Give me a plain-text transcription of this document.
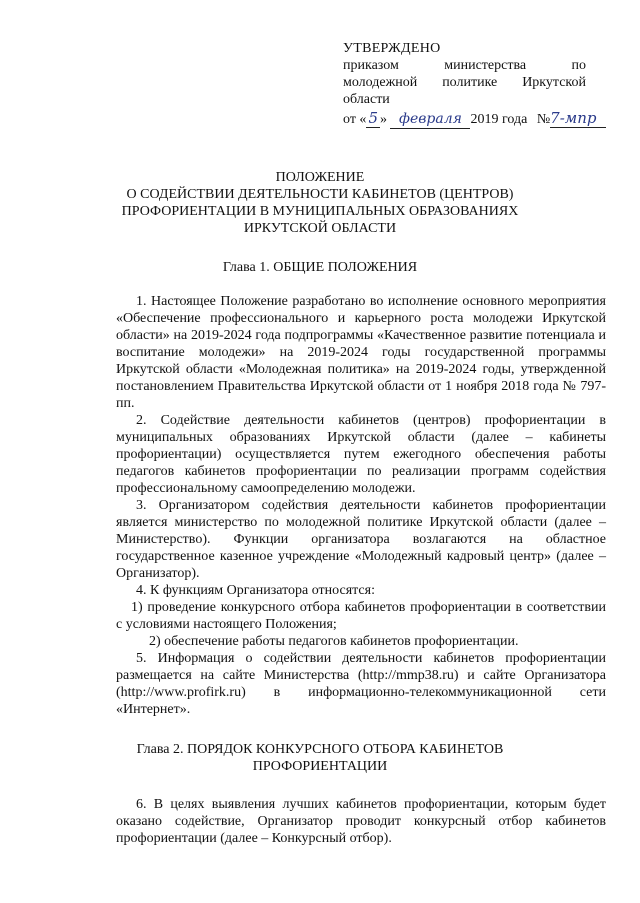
УТВЕРЖДЕНО
приказом	министерства	по
молодежной политике Иркутской
области
от « 5 » февраля 2019 года №7-мпр
ПОЛОЖЕНИЕ
О СОДЕЙСТВИИ ДЕЯТЕЛЬНОСТИ КАБИНЕТОВ (ЦЕНТРОВ)
ПРОФОРИЕНТАЦИИ В МУНИЦИПАЛЬНЫХ ОБРАЗОВАНИЯХ
ИРКУТСКОЙ ОБЛАСТИ
Глава 1. ОБЩИЕ ПОЛОЖЕНИЯ

1. Настоящее Положение разработано во исполнение основного мероприятия «Обеспечение профессионального и карьерного роста молодежи Иркутской области» на 2019-2024 года подпрограммы «Качественное развитие потенциала и воспитание молодежи» на 2019-2024 годы государственной программы Иркутской области «Молодежная политика» на 2019-2024 годы, утвержденной постановлением Правительства Иркутской области от 1 ноября 2018 года № 797-пп.

2. Содействие деятельности кабинетов (центров) профориентации в муниципальных образованиях Иркутской области (далее – кабинеты профориентации) осуществляется путем ежегодного обеспечения работы педагогов кабинетов профориентации по реализации программ содействия профессиональному самоопределению молодежи.

3. Организатором содействия деятельности кабинетов профориентации является министерство по молодежной политике Иркутской области (далее – Министерство). Функции организатора возлагаются на областное государственное казенное учреждение «Молодежный кадровый центр» (далее – Организатор).

4. К функциям Организатора относятся:

1) проведение конкурсного отбора кабинетов профориентации в соответствии с условиями настоящего Положения;

2) обеспечение работы педагогов кабинетов профориентации.

5. Информация о содействии деятельности кабинетов профориентации размещается на сайте Министерства (http://mmp38.ru) и сайте Организатора (http://www.profirk.ru) в информационно-телекоммуникационной сети «Интернет».

Глава 2. ПОРЯДОК КОНКУРСНОГО ОТБОРА КАБИНЕТОВ
ПРОФОРИЕНТАЦИИ

6. В целях выявления лучших кабинетов профориентации, которым будет оказано содействие, Организатор проводит конкурсный отбор кабинетов профориентации (далее – Конкурсный отбор).
